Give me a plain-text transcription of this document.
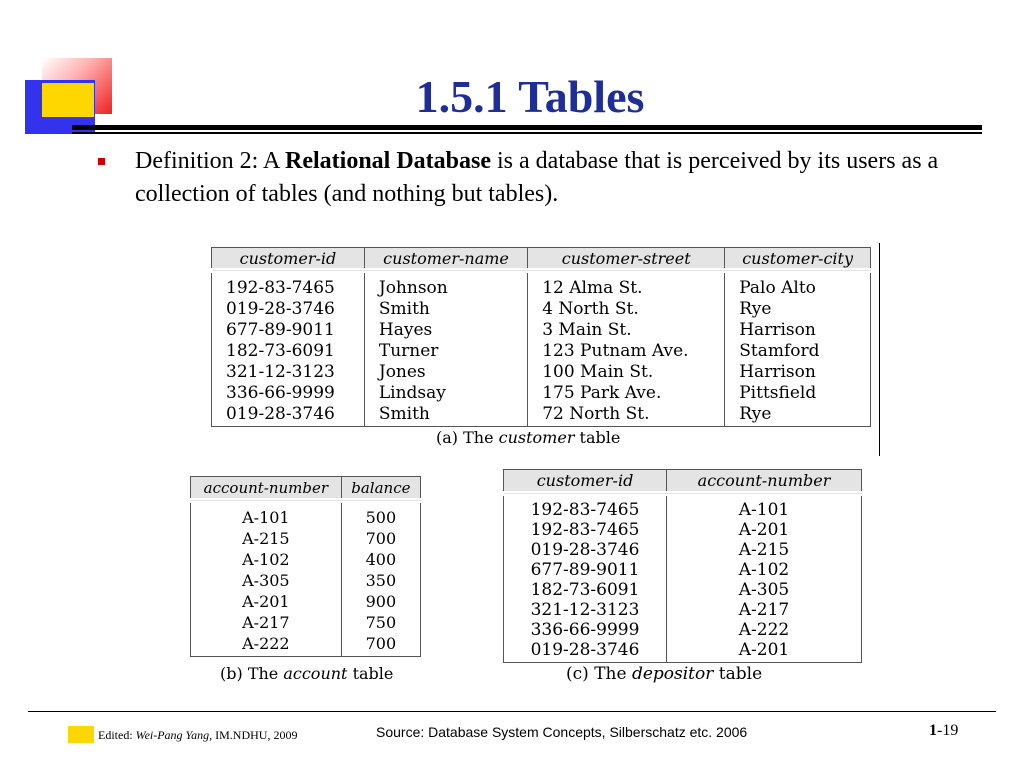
1.5.1 Tables
Definition 2: A Relational Database is a database that is perceived by its users as a collection of tables (and nothing but tables).
customer-id	customer-name	customer-street	customer-city
192-83-7465	Johnson	12 Alma St.	Palo Alto
019-28-3746	Smith	4 North St.	Rye
677-89-9011	Hayes	3 Main St.	Harrison
182-73-6091	Turner	123 Putnam Ave.	Stamford
321-12-3123	Jones	100 Main St.	Harrison
336-66-9999	Lindsay	175 Park Ave.	Pittsfield
019-28-3746	Smith	72 North St.	Rye
(a) The customer table
account-number	balance
A-101	500
A-215	700
A-102	400
A-305	350
A-201	900
A-217	750
A-222	700
(b) The account table
customer-id	account-number
192-83-7465	A-101
192-83-7465	A-201
019-28-3746	A-215
677-89-9011	A-102
182-73-6091	A-305
321-12-3123	A-217
336-66-9999	A-222
019-28-3746	A-201
(c) The depositor table
Edited: Wei-Pang Yang, IM.NDHU, 2009	Source: Database System Concepts, Silberschatz etc. 2006	1-19
